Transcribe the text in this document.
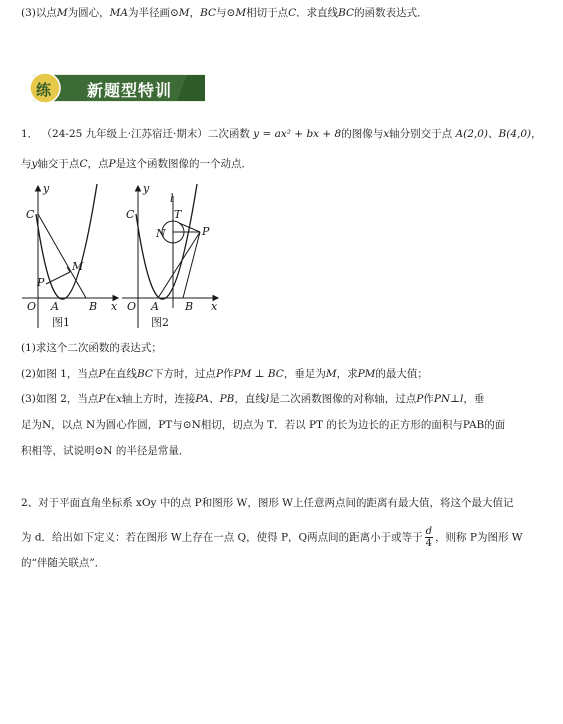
(3)以点M为圆心，MA为半径画⊙M，BC与⊙M相切于点C．求直线BC的函数表达式．
练 新题型特训
1． （24-25 九年级上·江苏宿迁·期末）二次函数 y = ax² + bx + 8的图像与x轴分别交于点 A(2,0)、B(4,0)，
与y轴交于点C，点P是这个函数图像的一个动点．
y
C
M
P
O A	B x
图1
y
l
C	T
N	P
O A B x
图2
(1)求这个二次函数的表达式；
(2)如图 1，当点P在直线BC下方时，过点P作PM ⊥ BC，垂足为M，求PM的最大值；
(3)如图 2，当点P在x轴上方时，连接PA、PB，直线l是二次函数图像的对称轴，过点P作PN⊥l，垂
足为N，以点 N为圆心作圆，PT与⊙N相切，切点为 T．若以 PT 的长为边长的正方形的面积与PAB的面
积相等，试说明⊙N 的半径是常量．
2、对于平面直角坐标系 xOy 中的点 P和图形 W，图形 W上任意两点间的距离有最大值，将这个最大值记
为 d．给出如下定义：若在图形 W上存在一点 Q，使得 P，Q两点间的距离小于或等于 $\frac{d}{4}$ ，则称 P为图形 W
的“伴随关联点”．
